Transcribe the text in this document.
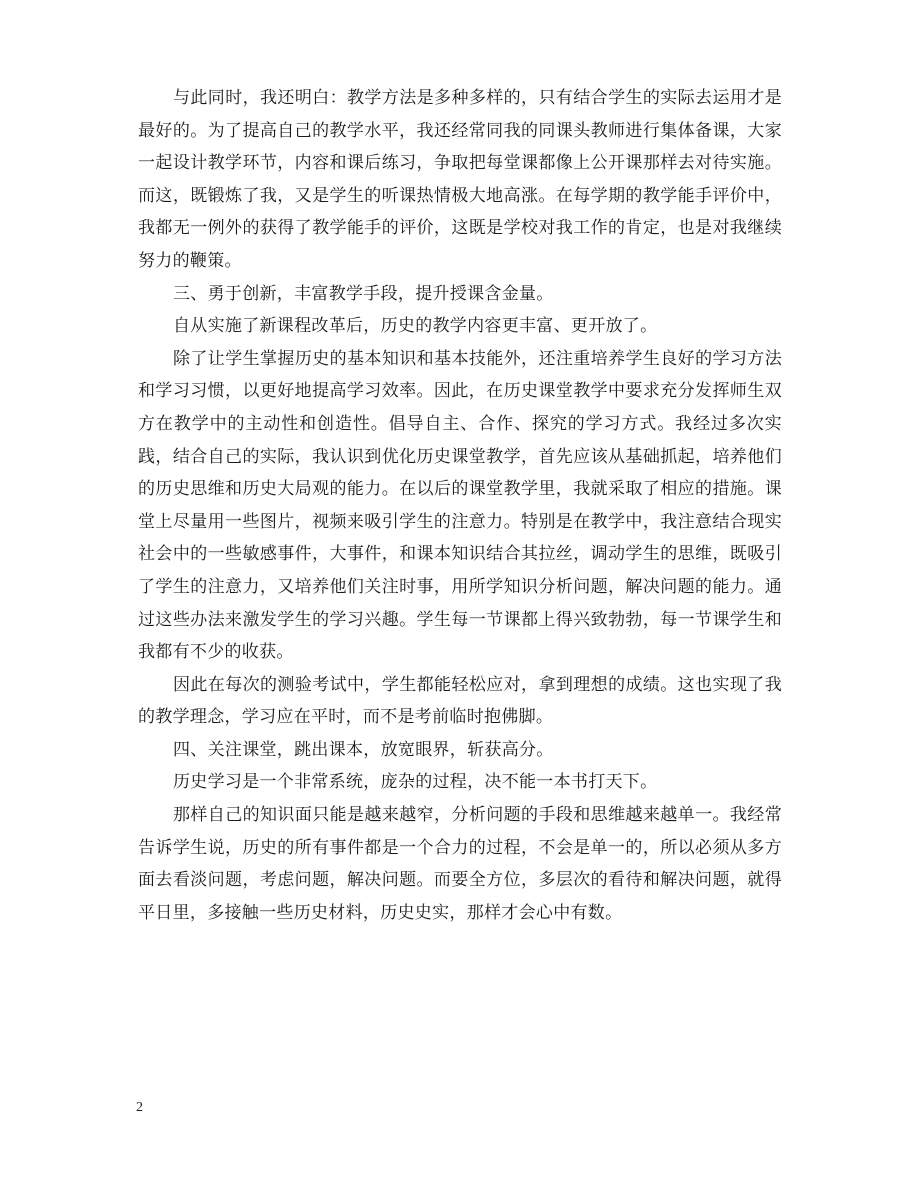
与此同时，我还明白：教学方法是多种多样的，只有结合学生的实际去运用才是最好的。为了提高自己的教学水平，我还经常同我的同课头教师进行集体备课，大家一起设计教学环节，内容和课后练习，争取把每堂课都像上公开课那样去对待实施。而这，既锻炼了我，又是学生的听课热情极大地高涨。在每学期的教学能手评价中，我都无一例外的获得了教学能手的评价，这既是学校对我工作的肯定，也是对我继续努力的鞭策。

三、勇于创新，丰富教学手段，提升授课含金量。

自从实施了新课程改革后，历史的教学内容更丰富、更开放了。

除了让学生掌握历史的基本知识和基本技能外，还注重培养学生良好的学习方法和学习习惯，以更好地提高学习效率。因此，在历史课堂教学中要求充分发挥师生双方在教学中的主动性和创造性。倡导自主、合作、探究的学习方式。我经过多次实践，结合自己的实际，我认识到优化历史课堂教学，首先应该从基础抓起，培养他们的历史思维和历史大局观的能力。在以后的课堂教学里，我就采取了相应的措施。课堂上尽量用一些图片，视频来吸引学生的注意力。特别是在教学中，我注意结合现实社会中的一些敏感事件，大事件，和课本知识结合其拉丝，调动学生的思维，既吸引了学生的注意力，又培养他们关注时事，用所学知识分析问题，解决问题的能力。通过这些办法来激发学生的学习兴趣。学生每一节课都上得兴致勃勃，每一节课学生和我都有不少的收获。

因此在每次的测验考试中，学生都能轻松应对，拿到理想的成绩。这也实现了我的教学理念，学习应在平时，而不是考前临时抱佛脚。

四、关注课堂，跳出课本，放宽眼界，斩获高分。

历史学习是一个非常系统，庞杂的过程，决不能一本书打天下。

那样自己的知识面只能是越来越窄，分析问题的手段和思维越来越单一。我经常告诉学生说，历史的所有事件都是一个合力的过程，不会是单一的，所以必须从多方面去看淡问题，考虑问题，解决问题。而要全方位，多层次的看待和解决问题，就得平日里，多接触一些历史材料，历史史实，那样才会心中有数。

2
